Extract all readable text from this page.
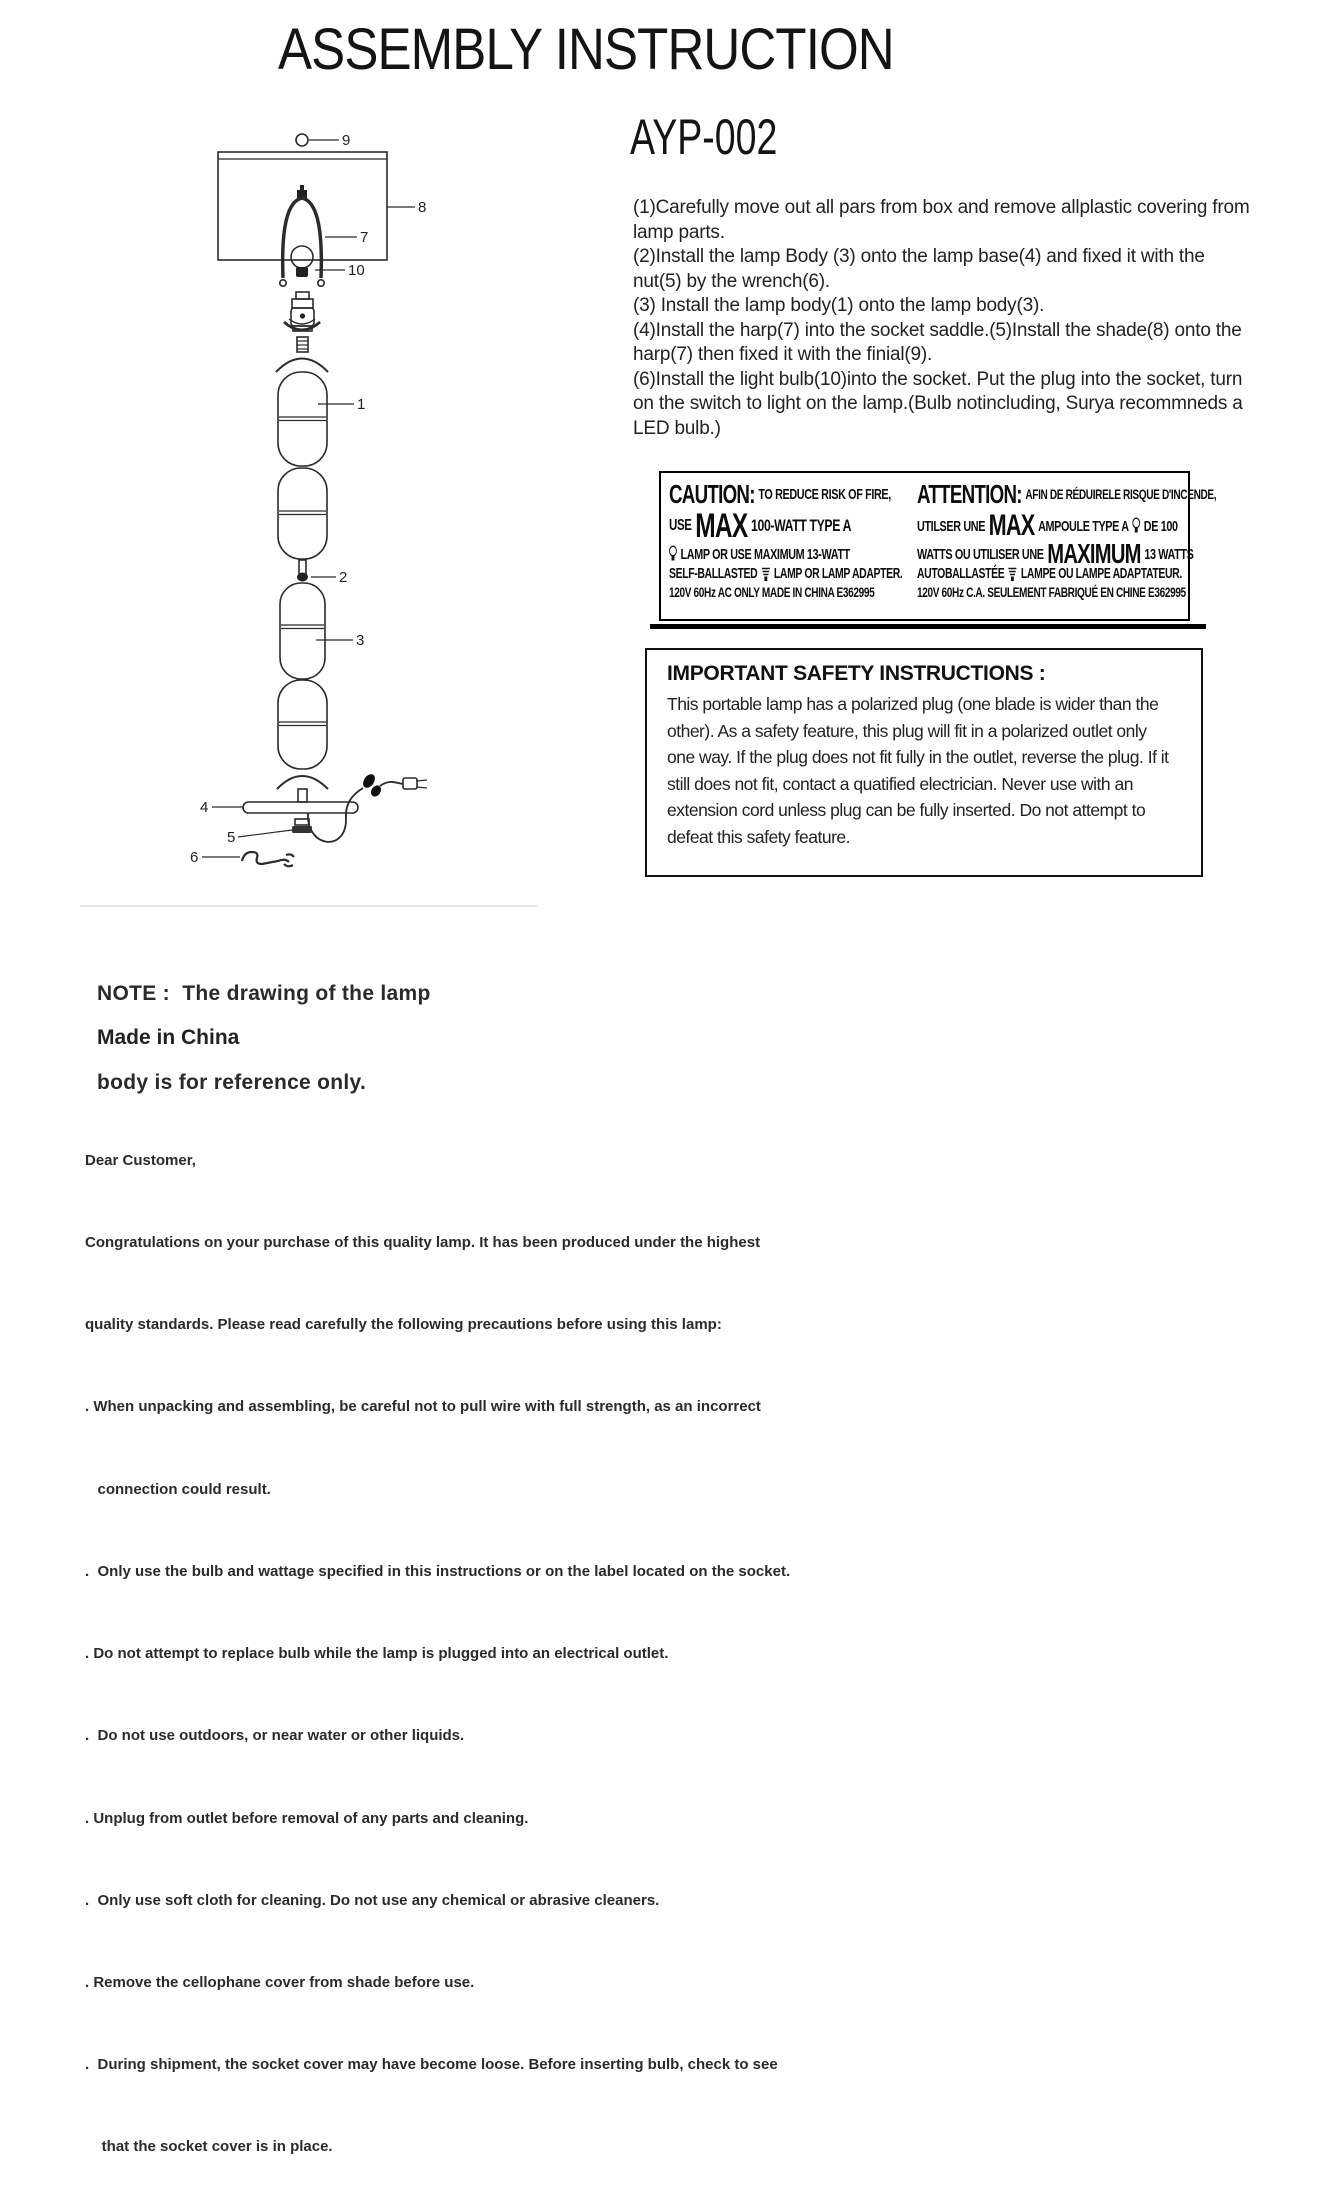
ASSEMBLY INSTRUCTION
AYP-002
9
8
7
10
1
2
3
4
5
6

(1)Carefully move out all pars from box and remove allplastic covering from lamp parts.

(2)Install the lamp Body (3) onto the lamp base(4) and fixed it with the nut(5) by the wrench(6).

(3) Install the lamp body(1) onto the lamp body(3).

(4)Install the harp(7) into the socket saddle.(5)Install the shade(8) onto the harp(7) then fixed it with the finial(9).

(6)Install the light bulb(10)into the socket. Put the plug into the socket, turn on the switch to light on the lamp.(Bulb notincluding, Surya recommneds a LED bulb.)

CAUTION: TO REDUCE RISK OF FIRE,
USE MAX 100-WATT TYPE A
LAMP OR USE MAXIMUM 13-WATT
SELF-BALLASTED LAMP OR LAMP ADAPTER.
120V 60Hz AC ONLY MADE IN CHINA E362995
ATTENTION: AFIN DE RÉDUIRELE RISQUE D'INCENDE,
UTILSER UNE MAX AMPOULE TYPE A DE 100
WATTS OU UTILISER UNE MAXIMUM 13 WATTS
AUTOBALLASTÉE LAMPE OU LAMPE ADAPTATEUR.
120V 60Hz C.A. SEULEMENT FABRIQUÉ EN CHINE E362995
IMPORTANT SAFETY INSTRUCTIONS :
This portable lamp has a polarized plug (one blade is wider than the other). As a safety feature, this plug will fit in a polarized outlet only one way. If the plug does not fit fully in the outlet, reverse the plug. If it still does not fit, contact a quatified electrician. Never use with an extension cord unless plug can be fully inserted. Do not attempt to defeat this safety feature.

NOTE :  The drawing of the lamp

body is for reference only.

Made in China

Dear Customer,

Congratulations on your purchase of this quality lamp. It has been produced under the highest

quality standards. Please read carefully the following precautions before using this lamp:

. When unpacking and assembling, be careful not to pull wire with full strength, as an incorrect

connection could result.

.  Only use the bulb and wattage specified in this instructions or on the label located on the socket.

. Do not attempt to replace bulb while the lamp is plugged into an electrical outlet.

.  Do not use outdoors, or near water or other liquids.

. Unplug from outlet before removal of any parts and cleaning.

.  Only use soft cloth for cleaning. Do not use any chemical or abrasive cleaners.

. Remove the cellophane cover from shade before use.

.  During shipment, the socket cover may have become loose. Before inserting bulb, check to see

that the socket cover is in place.
